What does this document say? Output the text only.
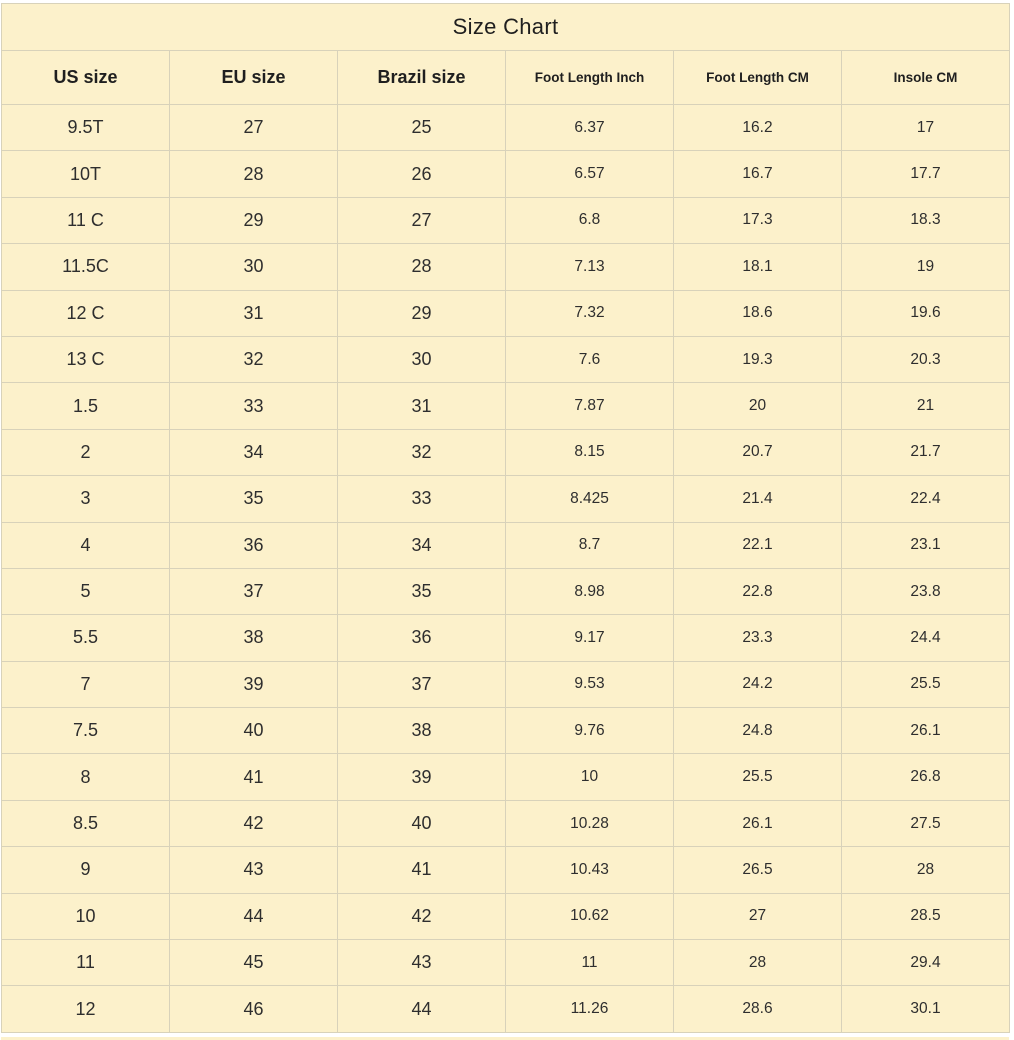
Size Chart					
US size	EU size	Brazil size	Foot Length Inch	Foot Length CM	Insole CM
9.5T	27	25	6.37	16.2	17
10T	28	26	6.57	16.7	17.7
11 C	29	27	6.8	17.3	18.3
11.5C	30	28	7.13	18.1	19
12 C	31	29	7.32	18.6	19.6
13 C	32	30	7.6	19.3	20.3
1.5	33	31	7.87	20	21
2	34	32	8.15	20.7	21.7
3	35	33	8.425	21.4	22.4
4	36	34	8.7	22.1	23.1
5	37	35	8.98	22.8	23.8
5.5	38	36	9.17	23.3	24.4
7	39	37	9.53	24.2	25.5
7.5	40	38	9.76	24.8	26.1
8	41	39	10	25.5	26.8
8.5	42	40	10.28	26.1	27.5
9	43	41	10.43	26.5	28
10	44	42	10.62	27	28.5
11	45	43	11	28	29.4
12	46	44	11.26	28.6	30.1
